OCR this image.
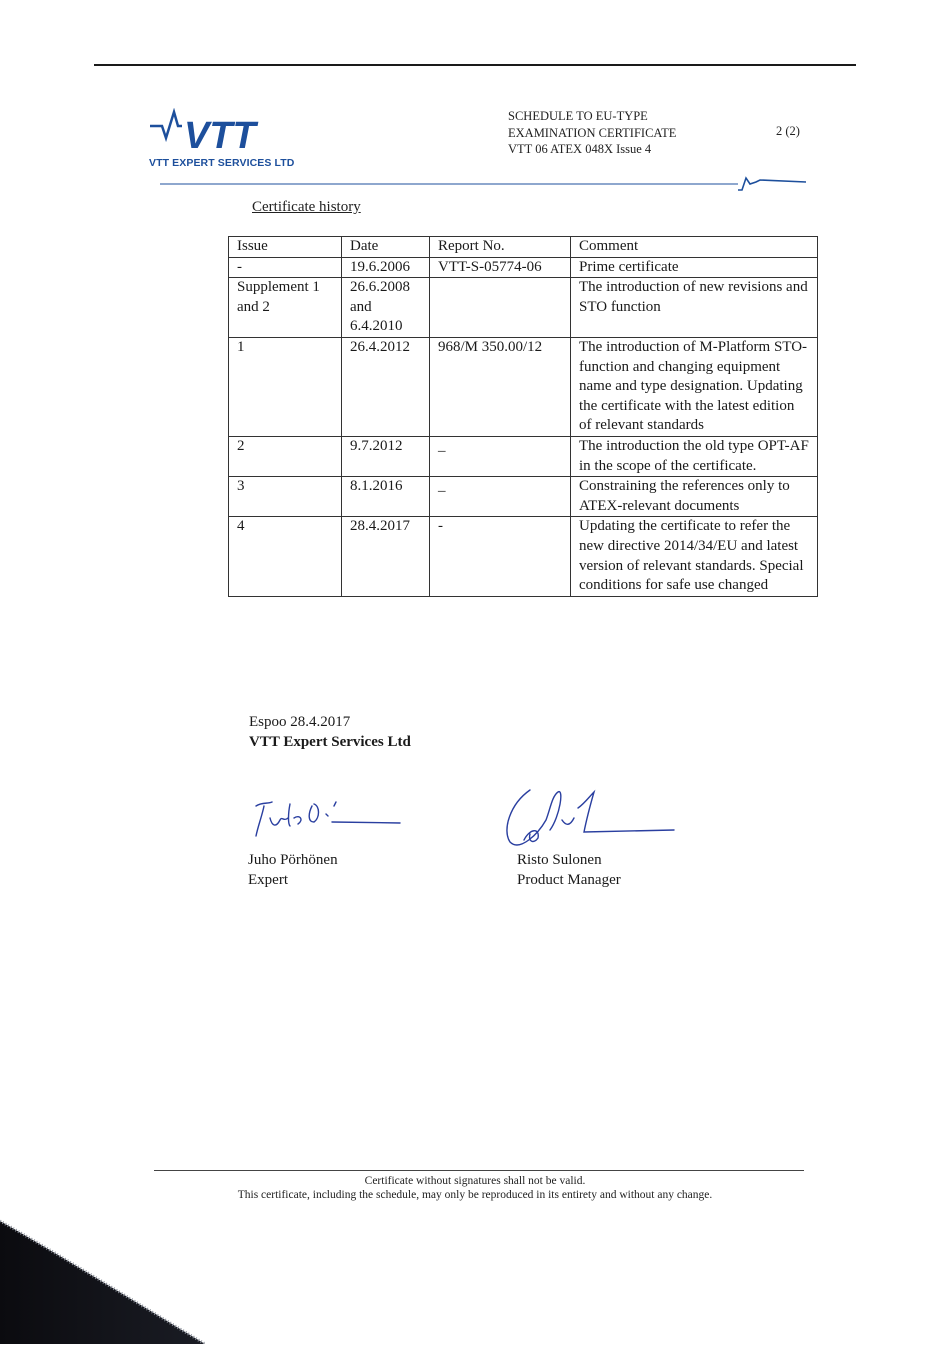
VTT
VTT EXPERT SERVICES LTD
SCHEDULE TO EU-TYPE
EXAMINATION CERTIFICATE
VTT 06 ATEX 048X Issue 4
2 (2)
Certificate history
Issue	Date	Report No.	Comment
-	19.6.2006	VTT-S-05774-06	Prime certificate
Supplement 1 and 2	26.6.2008 and 6.4.2010		The introduction of new revisions and STO function
1	26.4.2012	968/M 350.00/12	The introduction of M-Platform STO-function and changing equipment name and type designation. Updating the certificate with the latest edition of relevant standards
2	9.7.2012	_	The introduction the old type OPT-AF in the scope of the certificate.
3	8.1.2016	_	Constraining the references only to ATEX-relevant documents
4	28.4.2017	-	Updating the certificate to refer the new directive 2014/34/EU and latest version of relevant standards. Special conditions for safe use changed
Espoo 28.4.2017
VTT Expert Services Ltd
Juho Pörhönen
Expert
Risto Sulonen
Product Manager
Certificate without signatures shall not be valid.
This certificate, including the schedule, may only be reproduced in its entirety and without any change.
